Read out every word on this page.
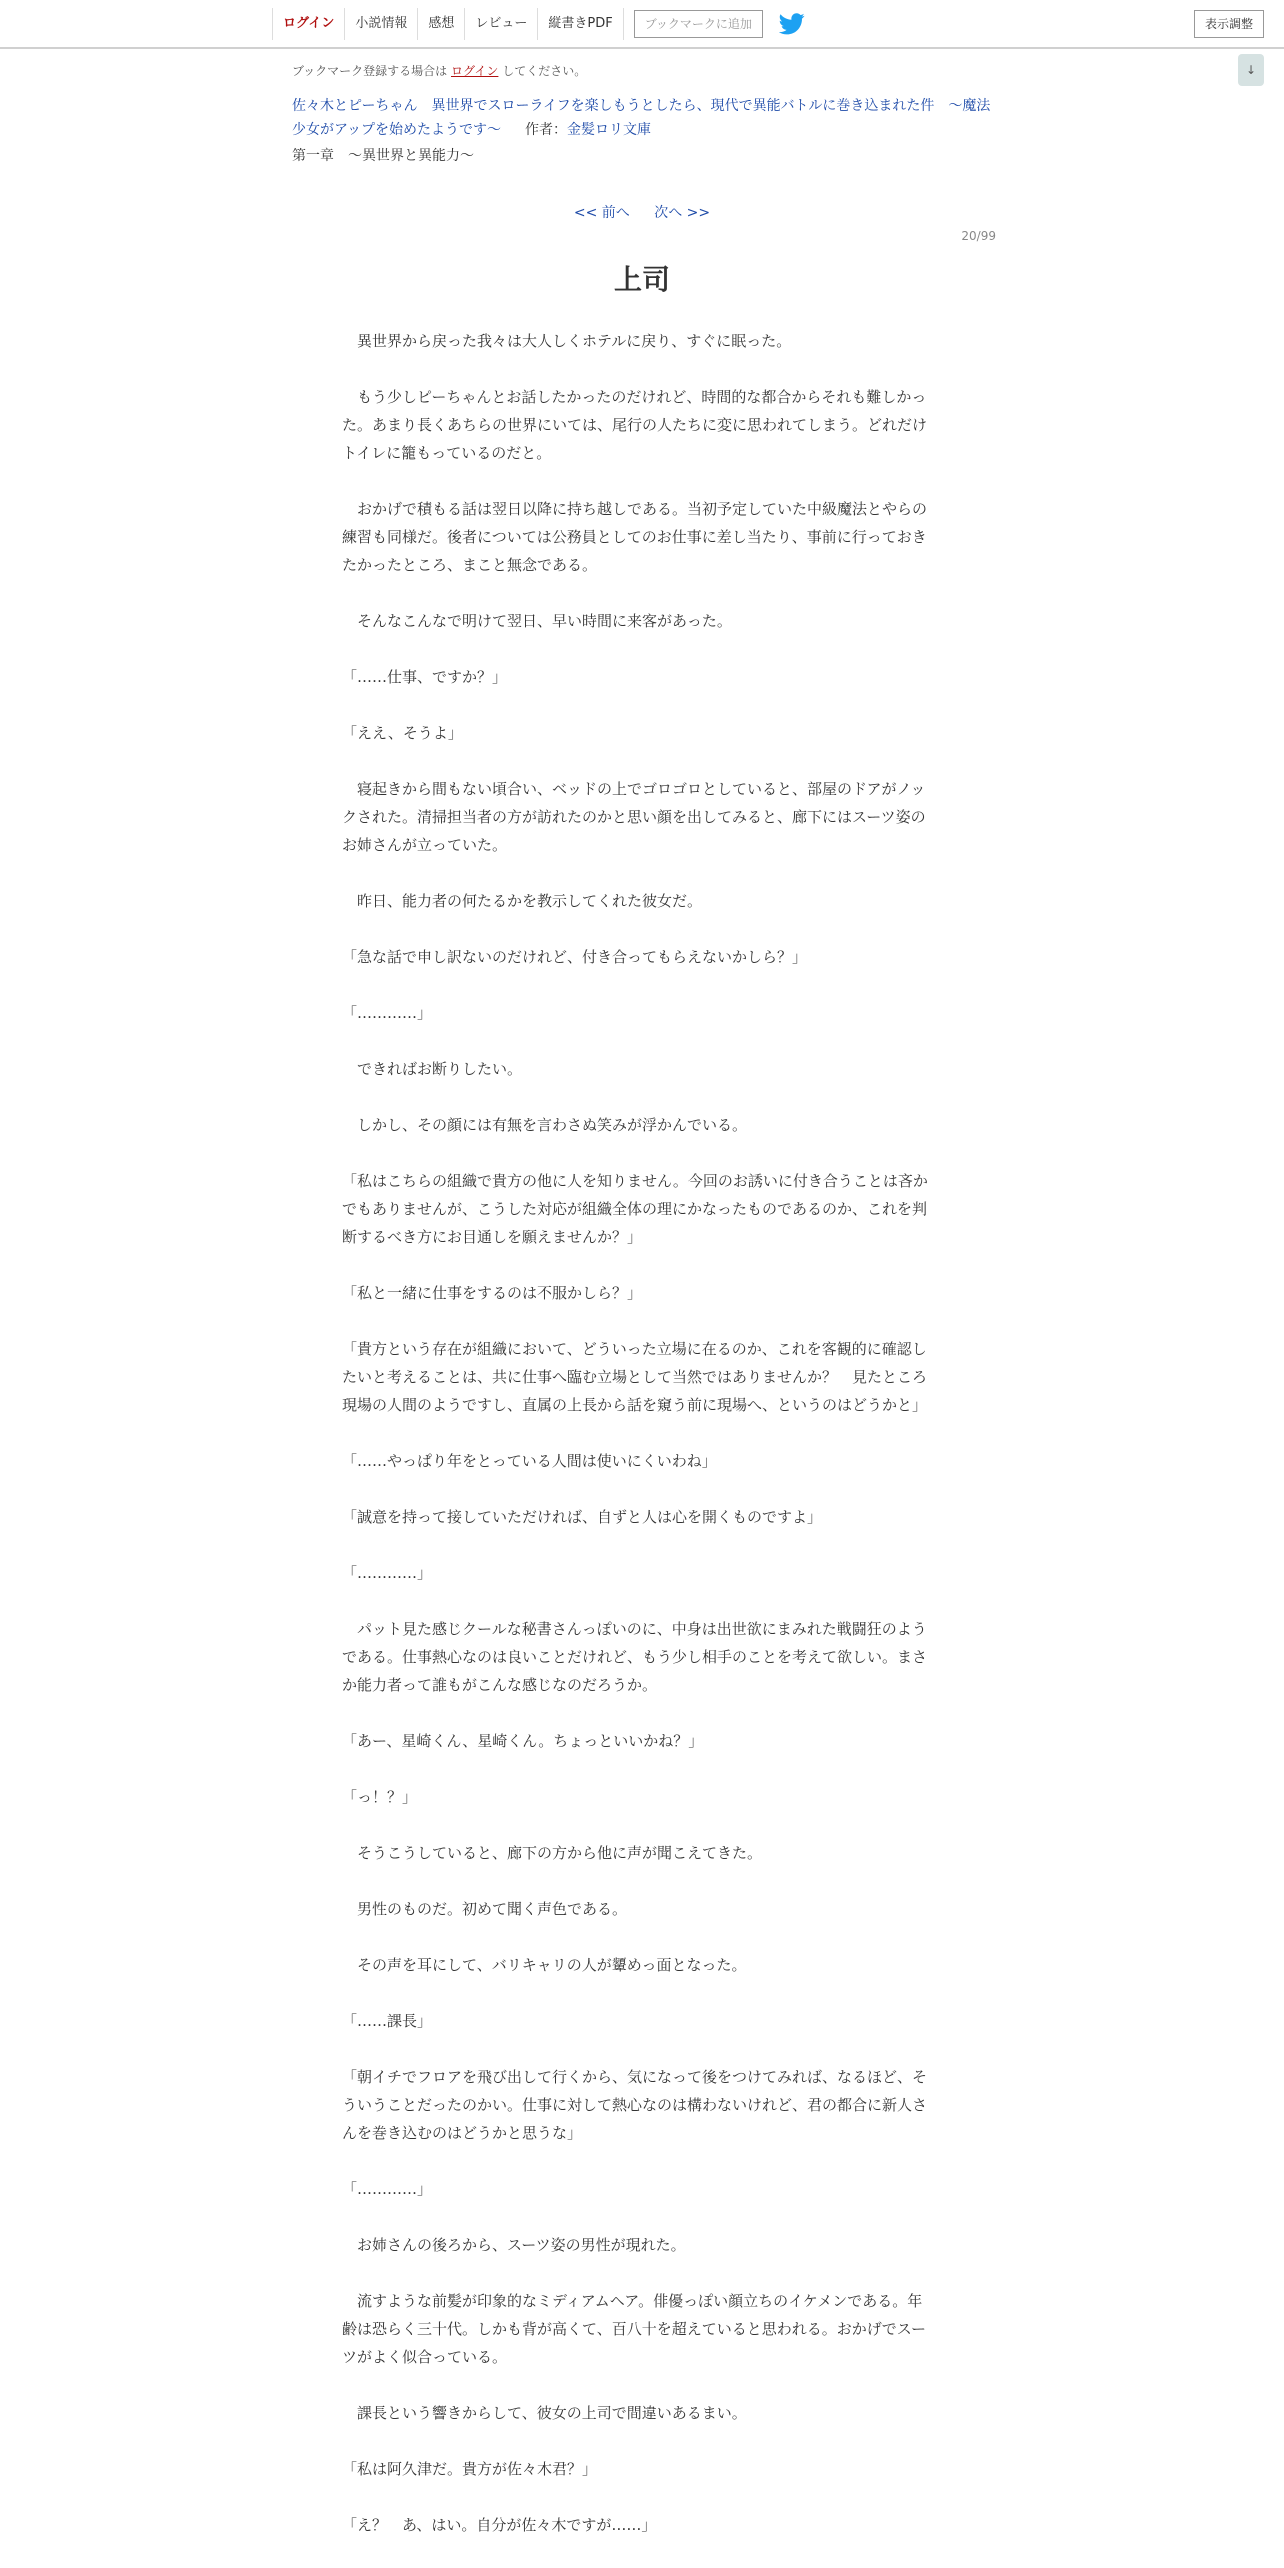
ログイン	小説情報	感想	レビュー	縦書きPDF	ブックマークに追加	表示調整
↓
ブックマーク登録する場合は ログイン してください。
佐々木とピーちゃん　異世界でスローライフを楽しもうとしたら、現代で異能バトルに巻き込まれた件　～魔法少女がアップを始めたようです～ 作者：金髪ロリ文庫
第一章　～異世界と異能力～
<< 前へ 次へ >>
20/99
上司

　異世界から戻った我々は大人しくホテルに戻り、すぐに眠った。

　もう少しピーちゃんとお話したかったのだけれど、時間的な都合からそれも難しかった。あまり長くあちらの世界にいては、尾行の人たちに変に思われてしまう。どれだけトイレに籠もっているのだと。

　おかげで積もる話は翌日以降に持ち越しである。当初予定していた中級魔法とやらの練習も同様だ。後者については公務員としてのお仕事に差し当たり、事前に行っておきたかったところ、まこと無念である。

　そんなこんなで明けて翌日、早い時間に来客があった。

「……仕事、ですか？」

「ええ、そうよ」

　寝起きから間もない頃合い、ベッドの上でゴロゴロとしていると、部屋のドアがノックされた。清掃担当者の方が訪れたのかと思い顔を出してみると、廊下にはスーツ姿のお姉さんが立っていた。

　昨日、能力者の何たるかを教示してくれた彼女だ。

「急な話で申し訳ないのだけれど、付き合ってもらえないかしら？」

「…………」

　できればお断りしたい。

　しかし、その顔には有無を言わさぬ笑みが浮かんでいる。

「私はこちらの組織で貴方の他に人を知りません。今回のお誘いに付き合うことは吝かでもありませんが、こうした対応が組織全体の理にかなったものであるのか、これを判断するべき方にお目通しを願えませんか？」

「私と一緒に仕事をするのは不服かしら？」

「貴方という存在が組織において、どういった立場に在るのか、これを客観的に確認したいと考えることは、共に仕事へ臨む立場として当然ではありませんか？　見たところ現場の人間のようですし、直属の上長から話を窺う前に現場へ、というのはどうかと」

「……やっぱり年をとっている人間は使いにくいわね」

「誠意を持って接していただければ、自ずと人は心を開くものですよ」

「…………」

　パット見た感じクールな秘書さんっぽいのに、中身は出世欲にまみれた戦闘狂のようである。仕事熱心なのは良いことだけれど、もう少し相手のことを考えて欲しい。まさか能力者って誰もがこんな感じなのだろうか。

「あー、星崎くん、星崎くん。ちょっといいかね？」

「っ！？」

　そうこうしていると、廊下の方から他に声が聞こえてきた。

　男性のものだ。初めて聞く声色である。

　その声を耳にして、バリキャリの人が顰めっ面となった。

「……課長」

「朝イチでフロアを飛び出して行くから、気になって後をつけてみれば、なるほど、そういうことだったのかい。仕事に対して熱心なのは構わないけれど、君の都合に新人さんを巻き込むのはどうかと思うな」

「…………」

　お姉さんの後ろから、スーツ姿の男性が現れた。

　流すような前髪が印象的なミディアムヘア。俳優っぽい顔立ちのイケメンである。年齢は恐らく三十代。しかも背が高くて、百八十を超えていると思われる。おかげでスーツがよく似合っている。

　課長という響きからして、彼女の上司で間違いあるまい。

「私は阿久津だ。貴方が佐々木君？」

「え？　あ、はい。自分が佐々木ですが……」
